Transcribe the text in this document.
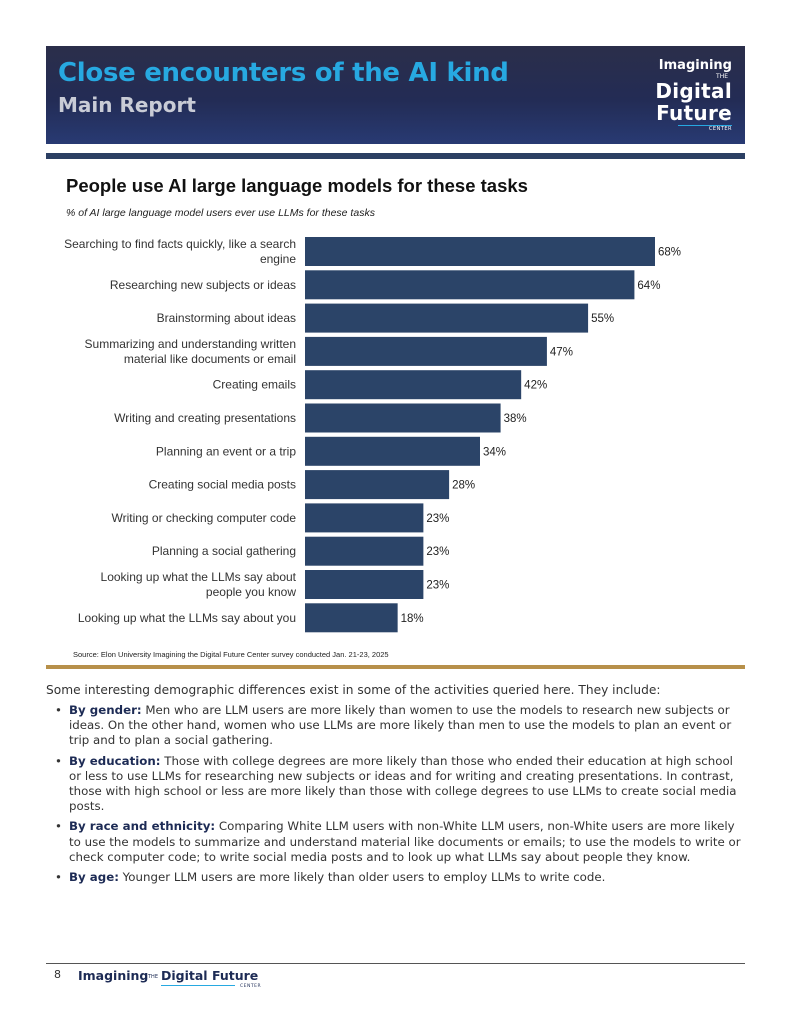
Close encounters of the AI kind
Main Report
Imagining
THE
Digital
Future
CENTER
People use AI large language models for these tasks
% of AI large language model users ever use LLMs for these tasks
68%
Searching to find facts quickly, like a search engine
64%
Researching new subjects or ideas
55%
Brainstorming about ideas
47%
Summarizing and understanding written material like documents or email
42%
Creating emails
38%
Writing and creating presentations
34%
Planning an event or a trip
28%
Creating social media posts
23%
Writing or checking computer code
23%
Planning a social gathering
23%
Looking up what the LLMs say about people you know
18%
Looking up what the LLMs say about you
Source: Elon University Imagining the Digital Future Center survey conducted Jan. 21-23, 2025
Some interesting demographic differences exist in some of the activities queried here. They include:
• By gender: Men who are LLM users are more likely than women to use the models to research new subjects or ideas. On the other hand, women who use LLMs are more likely than men to use the models to plan an event or trip and to plan a social gathering.
• By education: Those with college degrees are more likely than those who ended their education at high school or less to use LLMs for researching new subjects or ideas and for writing and creating presentations. In contrast, those with high school or less are more likely than those with college degrees to use LLMs to create social media posts.
• By race and ethnicity: Comparing White LLM users with non-White LLM users, non-White users are more likely to use the models to summarize and understand material like documents or emails; to use the models to write or check computer code; to write social media posts and to look up what LLMs say about people they know.
• By age: Younger LLM users are more likely than older users to employ LLMs to write code.
8 Imagining THE Digital Future
CENTER
